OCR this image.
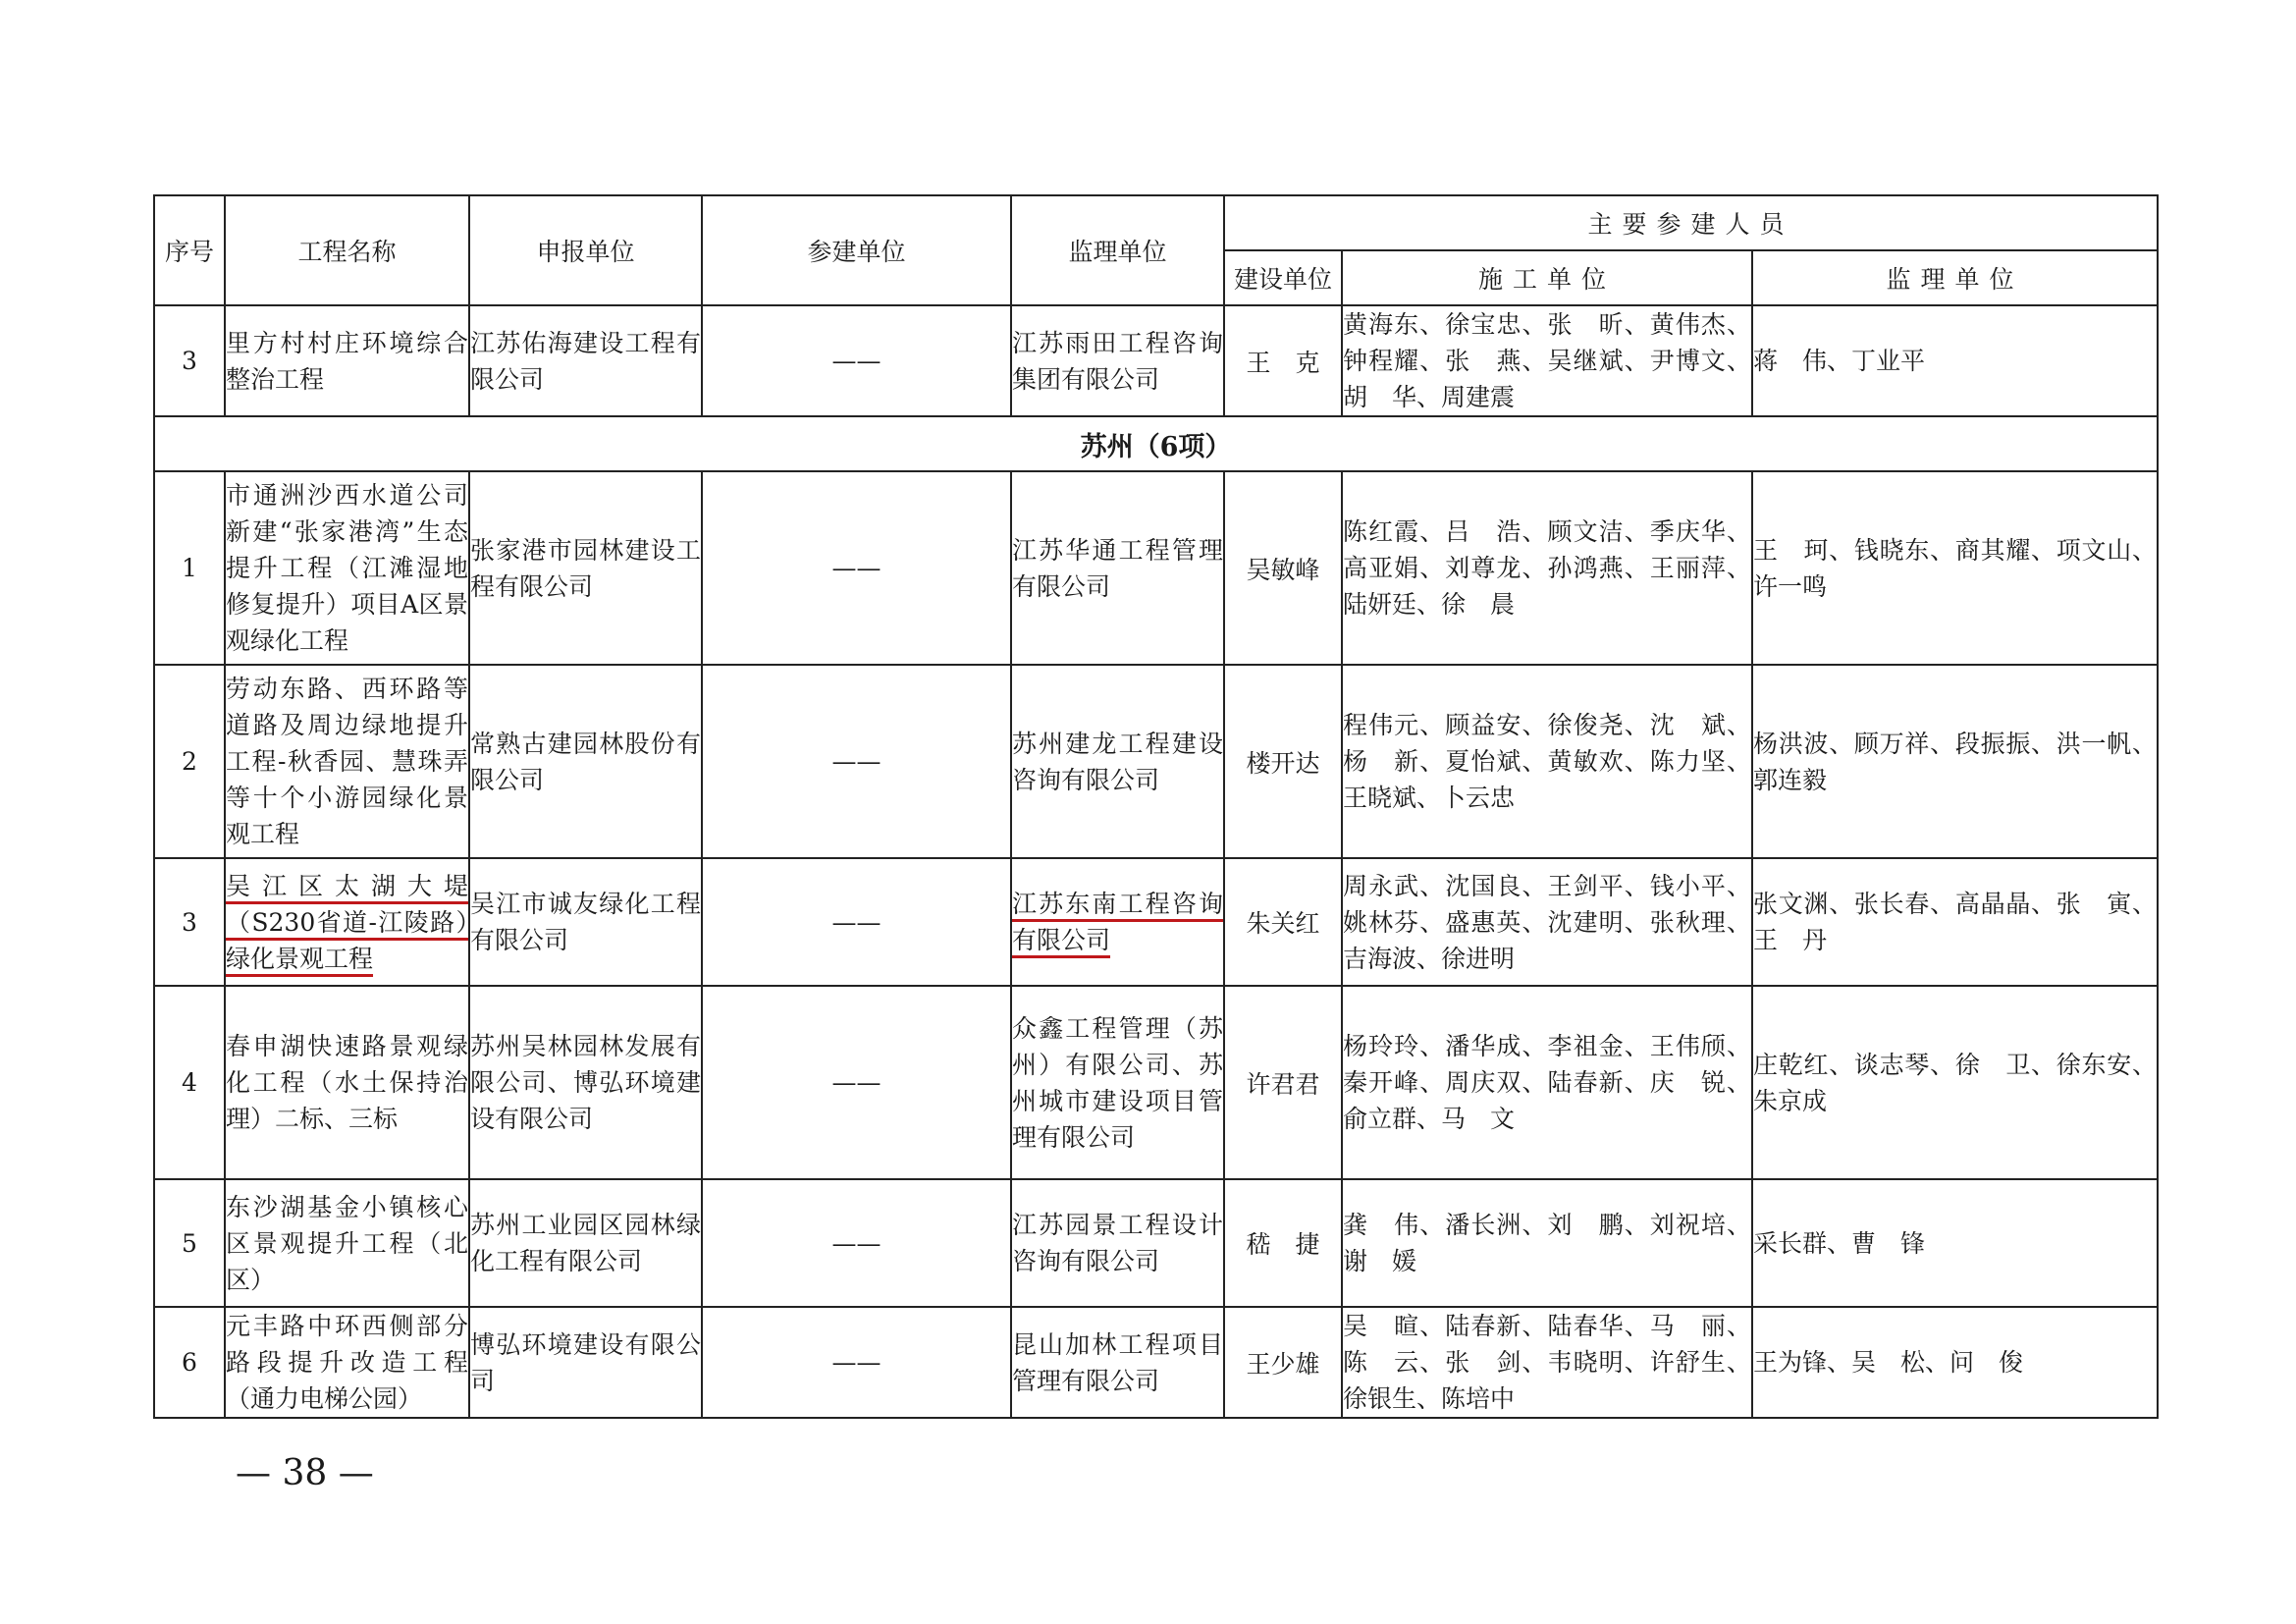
序号	工程名称	申报单位	参建单位	监理单位	主要参建人员		
					建设单位	施工单位	监理单位
3	里方村村庄环境综合整治工程	江苏佑海建设工程有限公司	——	江苏雨田工程咨询集团有限公司	王　克	黄海东、徐宝忠、张　昕、黄伟杰、钟程耀、张　燕、吴继斌、尹博文、胡　华、周建震	蒋　伟、丁业平
苏州（6项）							
1	市通洲沙西水道公司新建“张家港湾”生态提升工程（江滩湿地修复提升）项目A区景观绿化工程	张家港市园林建设工程有限公司	——	江苏华通工程管理有限公司	吴敏峰	陈红霞、吕　浩、顾文洁、季庆华、高亚娟、刘尊龙、孙鸿燕、王丽萍、陆妍廷、徐　晨	王　珂、钱晓东、商其耀、项文山、许一鸣
2	劳动东路、西环路等道路及周边绿地提升工程-秋香园、慧珠弄等十个小游园绿化景观工程	常熟古建园林股份有限公司	——	苏州建龙工程建设咨询有限公司	楼开达	程伟元、顾益安、徐俊尧、沈　斌、杨　新、夏怡斌、黄敏欢、陈力坚、王晓斌、卜云忠	杨洪波、顾万祥、段振振、洪一帆、郭连毅
3	吴江区太湖大堤（S230省道-江陵路）绿化景观工程	吴江市诚友绿化工程有限公司	——	江苏东南工程咨询有限公司	朱关红	周永武、沈国良、王剑平、钱小平、姚林芬、盛惠英、沈建明、张秋理、吉海波、徐进明	张文渊、张长春、高晶晶、张　寅、王　丹
4	春申湖快速路景观绿化工程（水土保持治理）二标、三标	苏州吴林园林发展有限公司、博弘环境建设有限公司	——	众鑫工程管理（苏州）有限公司、苏州城市建设项目管理有限公司	许君君	杨玲玲、潘华成、李祖金、王伟颀、秦开峰、周庆双、陆春新、庆　锐、俞立群、马　文	庄乾红、谈志琴、徐　卫、徐东安、朱京成
5	东沙湖基金小镇核心区景观提升工程（北区）	苏州工业园区园林绿化工程有限公司	——	江苏园景工程设计咨询有限公司	嵇　捷	龚　伟、潘长洲、刘　鹏、刘祝培、谢　媛	采长群、曹　锋
6	元丰路中环西侧部分路段提升改造工程（通力电梯公园）	博弘环境建设有限公司	——	昆山加林工程项目管理有限公司	王少雄	吴　暄、陆春新、陆春华、马　丽、陈　云、张　剑、韦晓明、许舒生、徐银生、陈培中	王为锋、吴　松、问　俊
— 38 —
